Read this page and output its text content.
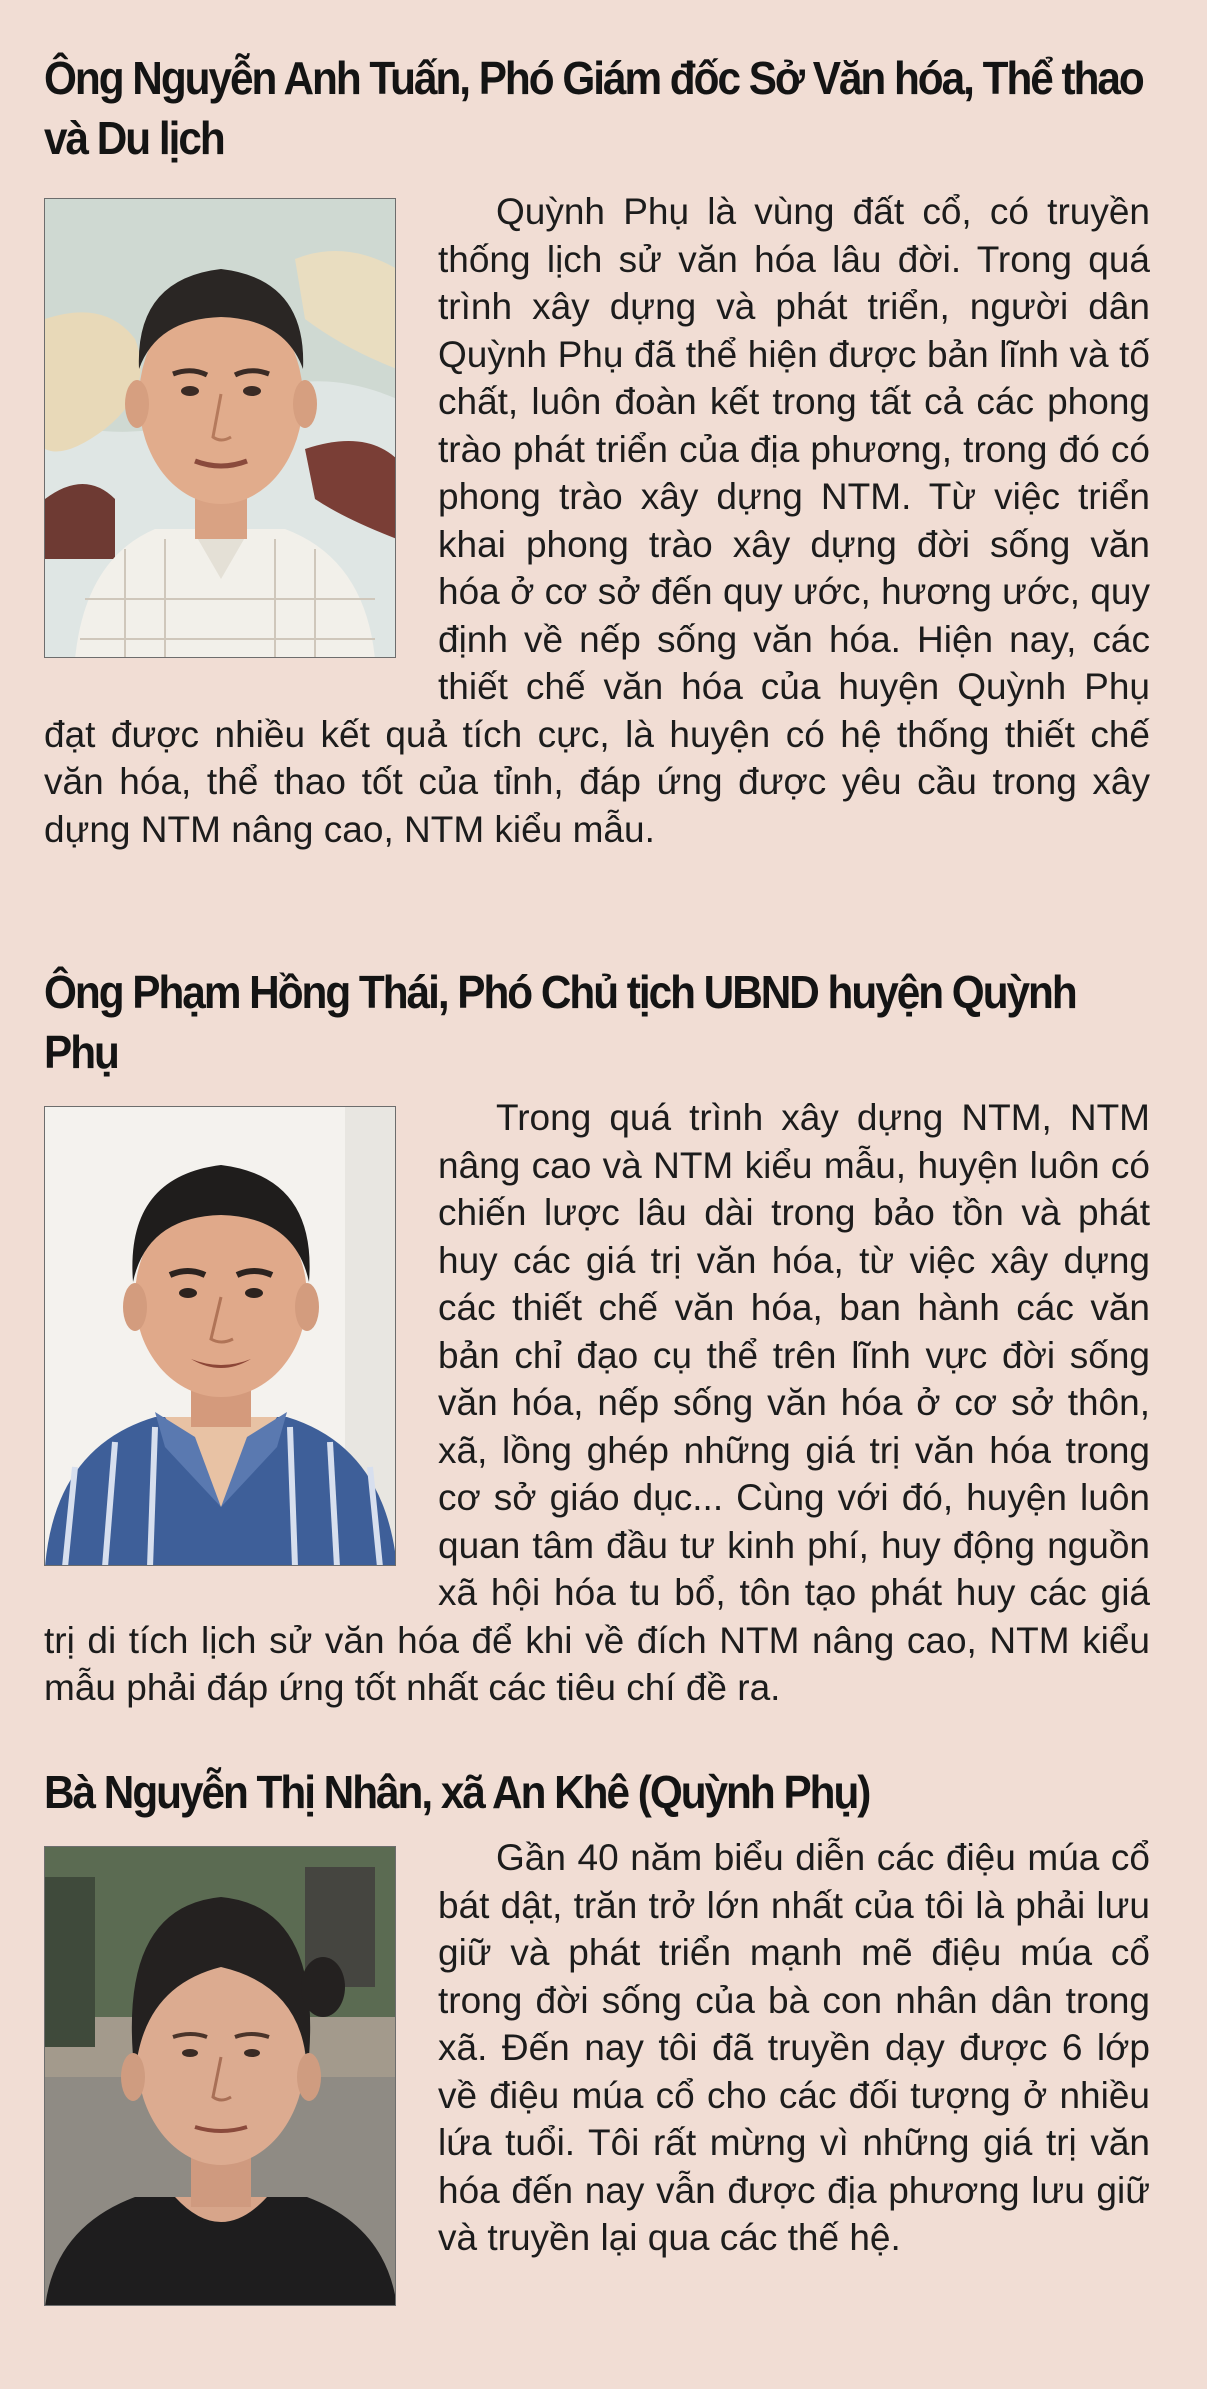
Ông Nguyễn Anh Tuấn, Phó Giám đốc Sở Văn hóa, Thể thao và Du lịch

Quỳnh Phụ là vùng đất cổ, có truyền thống lịch sử văn hóa lâu đời. Trong quá trình xây dựng và phát triển, người dân Quỳnh Phụ đã thể hiện được bản lĩnh và tố chất, luôn đoàn kết trong tất cả các phong trào phát triển của địa phương, trong đó có phong trào xây dựng NTM. Từ việc triển khai phong trào xây dựng đời sống văn hóa ở cơ sở đến quy ước, hương ước, quy định về nếp sống văn hóa. Hiện nay, các thiết chế văn hóa của huyện Quỳnh Phụ đạt được nhiều kết quả tích cực, là huyện có hệ thống thiết chế văn hóa, thể thao tốt của tỉnh, đáp ứng được yêu cầu trong xây dựng NTM nâng cao, NTM kiểu mẫu.

Ông Phạm Hồng Thái, Phó Chủ tịch UBND huyện Quỳnh Phụ

Trong quá trình xây dựng NTM, NTM nâng cao và NTM kiểu mẫu, huyện luôn có chiến lược lâu dài trong bảo tồn và phát huy các giá trị văn hóa, từ việc xây dựng các thiết chế văn hóa, ban hành các văn bản chỉ đạo cụ thể trên lĩnh vực đời sống văn hóa, nếp sống văn hóa ở cơ sở thôn, xã, lồng ghép những giá trị văn hóa trong cơ sở giáo dục... Cùng với đó, huyện luôn quan tâm đầu tư kinh phí, huy động nguồn xã hội hóa tu bổ, tôn tạo phát huy các giá trị di tích lịch sử văn hóa để khi về đích NTM nâng cao, NTM kiểu mẫu phải đáp ứng tốt nhất các tiêu chí đề ra.

Bà Nguyễn Thị Nhân, xã An Khê (Quỳnh Phụ)

Gần 40 năm biểu diễn các điệu múa cổ bát dật, trăn trở lớn nhất của tôi là phải lưu giữ và phát triển mạnh mẽ điệu múa cổ trong đời sống của bà con nhân dân trong xã. Đến nay tôi đã truyền dạy được 6 lớp về điệu múa cổ cho các đối tượng ở nhiều lứa tuổi. Tôi rất mừng vì những giá trị văn hóa đến nay vẫn được địa phương lưu giữ và truyền lại qua các thế hệ.
